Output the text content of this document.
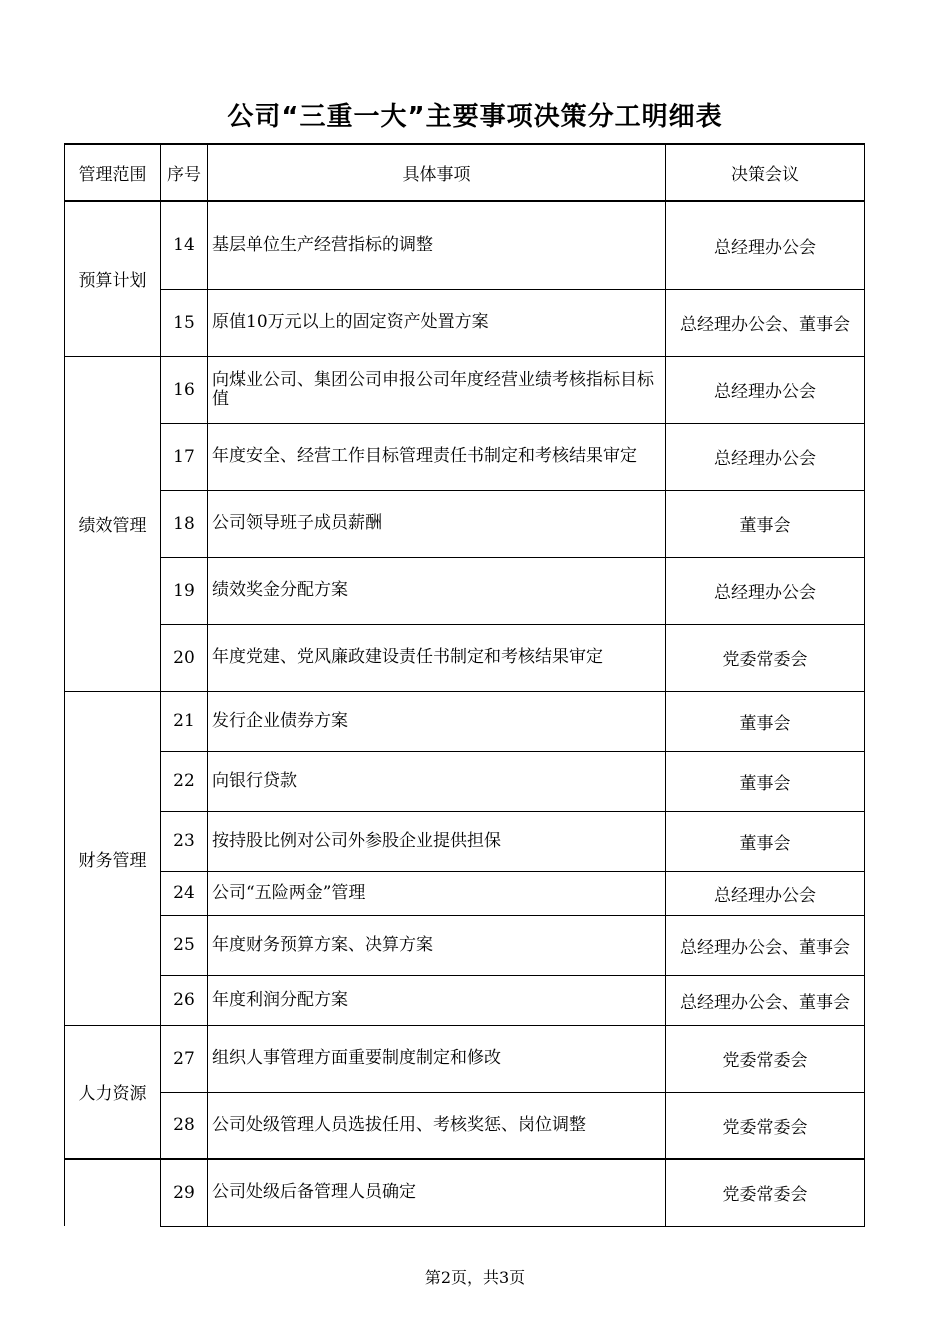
公司“三重一大”主要事项决策分工明细表
管理范围	序号	具体事项	决策会议
预算计划	14	基层单位生产经营指标的调整	总经理办公会
	15	原值10万元以上的固定资产处置方案	总经理办公会、董事会
绩效管理	16	向煤业公司、集团公司申报公司年度经营业绩考核指标目标值	总经理办公会
	17	年度安全、经营工作目标管理责任书制定和考核结果审定	总经理办公会
	18	公司领导班子成员薪酬	董事会
	19	绩效奖金分配方案	总经理办公会
	20	年度党建、党风廉政建设责任书制定和考核结果审定	党委常委会
财务管理	21	发行企业债券方案	董事会
	22	向银行贷款	董事会
	23	按持股比例对公司外参股企业提供担保	董事会
	24	公司“五险两金”管理	总经理办公会
	25	年度财务预算方案、决算方案	总经理办公会、董事会
	26	年度利润分配方案	总经理办公会、董事会
人力资源	27	组织人事管理方面重要制度制定和修改	党委常委会
	28	公司处级管理人员选拔任用、考核奖惩、岗位调整	党委常委会
	29	公司处级后备管理人员确定	党委常委会
第2页，共3页
